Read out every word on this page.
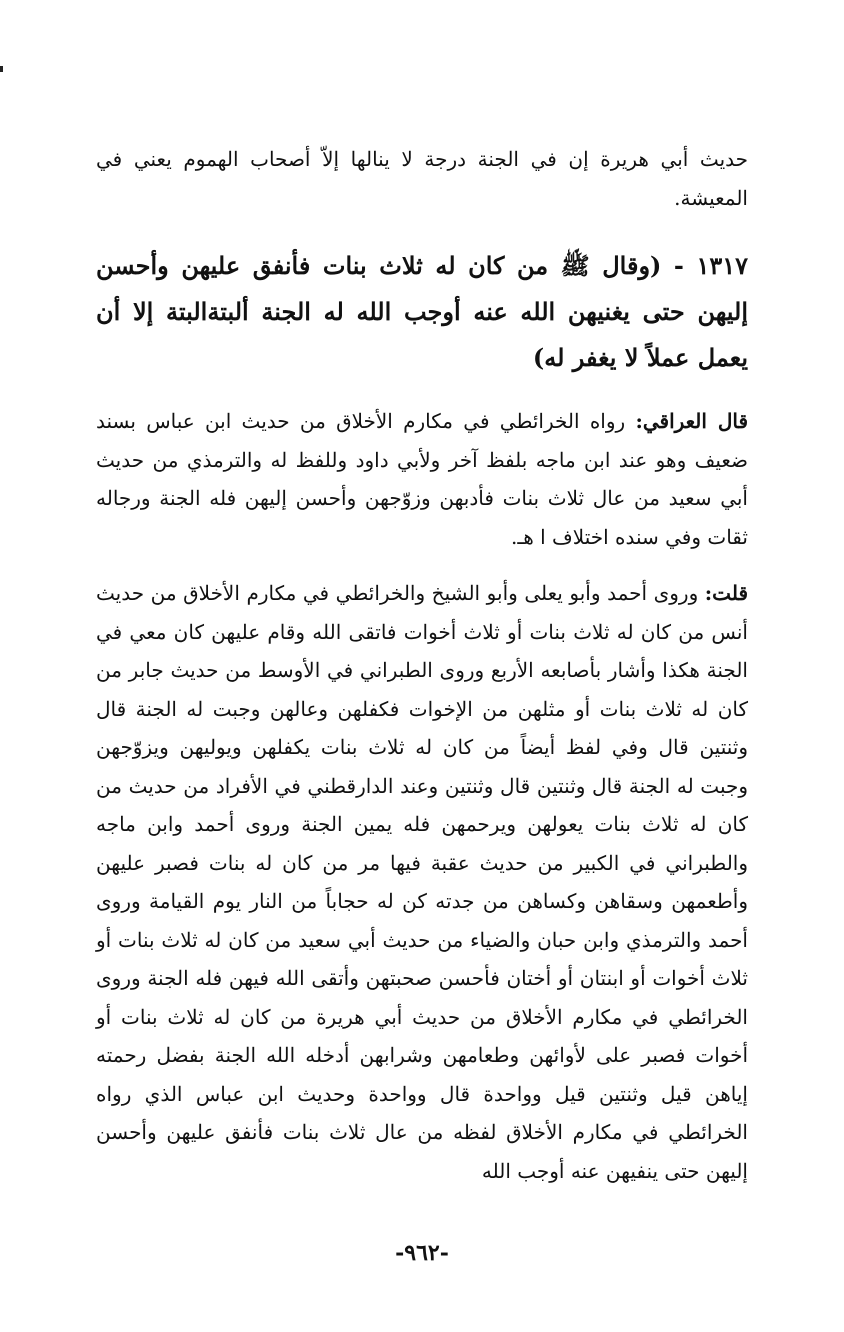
حديث أبي هريرة إن في الجنة درجة لا ينالها إلاّ أصحاب الهموم يعني في المعيشة.

١٣١٧ - (وقال ﷺ من كان له ثلاث بنات فأنفق عليهن وأحسن إليهن حتى يغنيهن الله عنه أوجب الله له الجنة ألبتةالبتة إلا أن يعمل عملاً لا يغفر له)

قال العراقي: رواه الخرائطي في مكارم الأخلاق من حديث ابن عباس بسند ضعيف وهو عند ابن ماجه بلفظ آخر ولأبي داود وللفظ له والترمذي من حديث أبي سعيد من عال ثلاث بنات فأدبهن وزوّجهن وأحسن إليهن فله الجنة ورجاله ثقات وفي سنده اختلاف ا هـ.

قلت: وروى أحمد وأبو يعلى وأبو الشيخ والخرائطي في مكارم الأخلاق من حديث أنس من كان له ثلاث بنات أو ثلاث أخوات فاتقى الله وقام عليهن كان معي في الجنة هكذا وأشار بأصابعه الأربع وروى الطبراني في الأوسط من حديث جابر من كان له ثلاث بنات أو مثلهن من الإخوات فكفلهن وعالهن وجبت له الجنة قال وثنتين قال وفي لفظ أيضاً من كان له ثلاث بنات يكفلهن ويوليهن ويزوّجهن وجبت له الجنة قال وثنتين قال وثنتين وعند الدارقطني في الأفراد من حديث من كان له ثلاث بنات يعولهن ويرحمهن فله يمين الجنة وروى أحمد وابن ماجه والطبراني في الكبير من حديث عقبة فيها مر من كان له بنات فصبر عليهن وأطعمهن وسقاهن وكساهن من جدته كن له حجاباً من النار يوم القيامة وروى أحمد والترمذي وابن حبان والضياء من حديث أبي سعيد من كان له ثلاث بنات أو ثلاث أخوات أو ابنتان أو أختان فأحسن صحبتهن وأتقى الله فيهن فله الجنة وروى الخرائطي في مكارم الأخلاق من حديث أبي هريرة من كان له ثلاث بنات أو أخوات فصبر على لأوائهن وطعامهن وشرابهن أدخله الله الجنة بفضل رحمته إياهن قيل وثنتين قيل وواحدة قال وواحدة وحديث ابن عباس الذي رواه الخرائطي في مكارم الأخلاق لفظه من عال ثلاث بنات فأنفق عليهن وأحسن إليهن حتى ينفيهن عنه أوجب الله

-٩٦٢-
